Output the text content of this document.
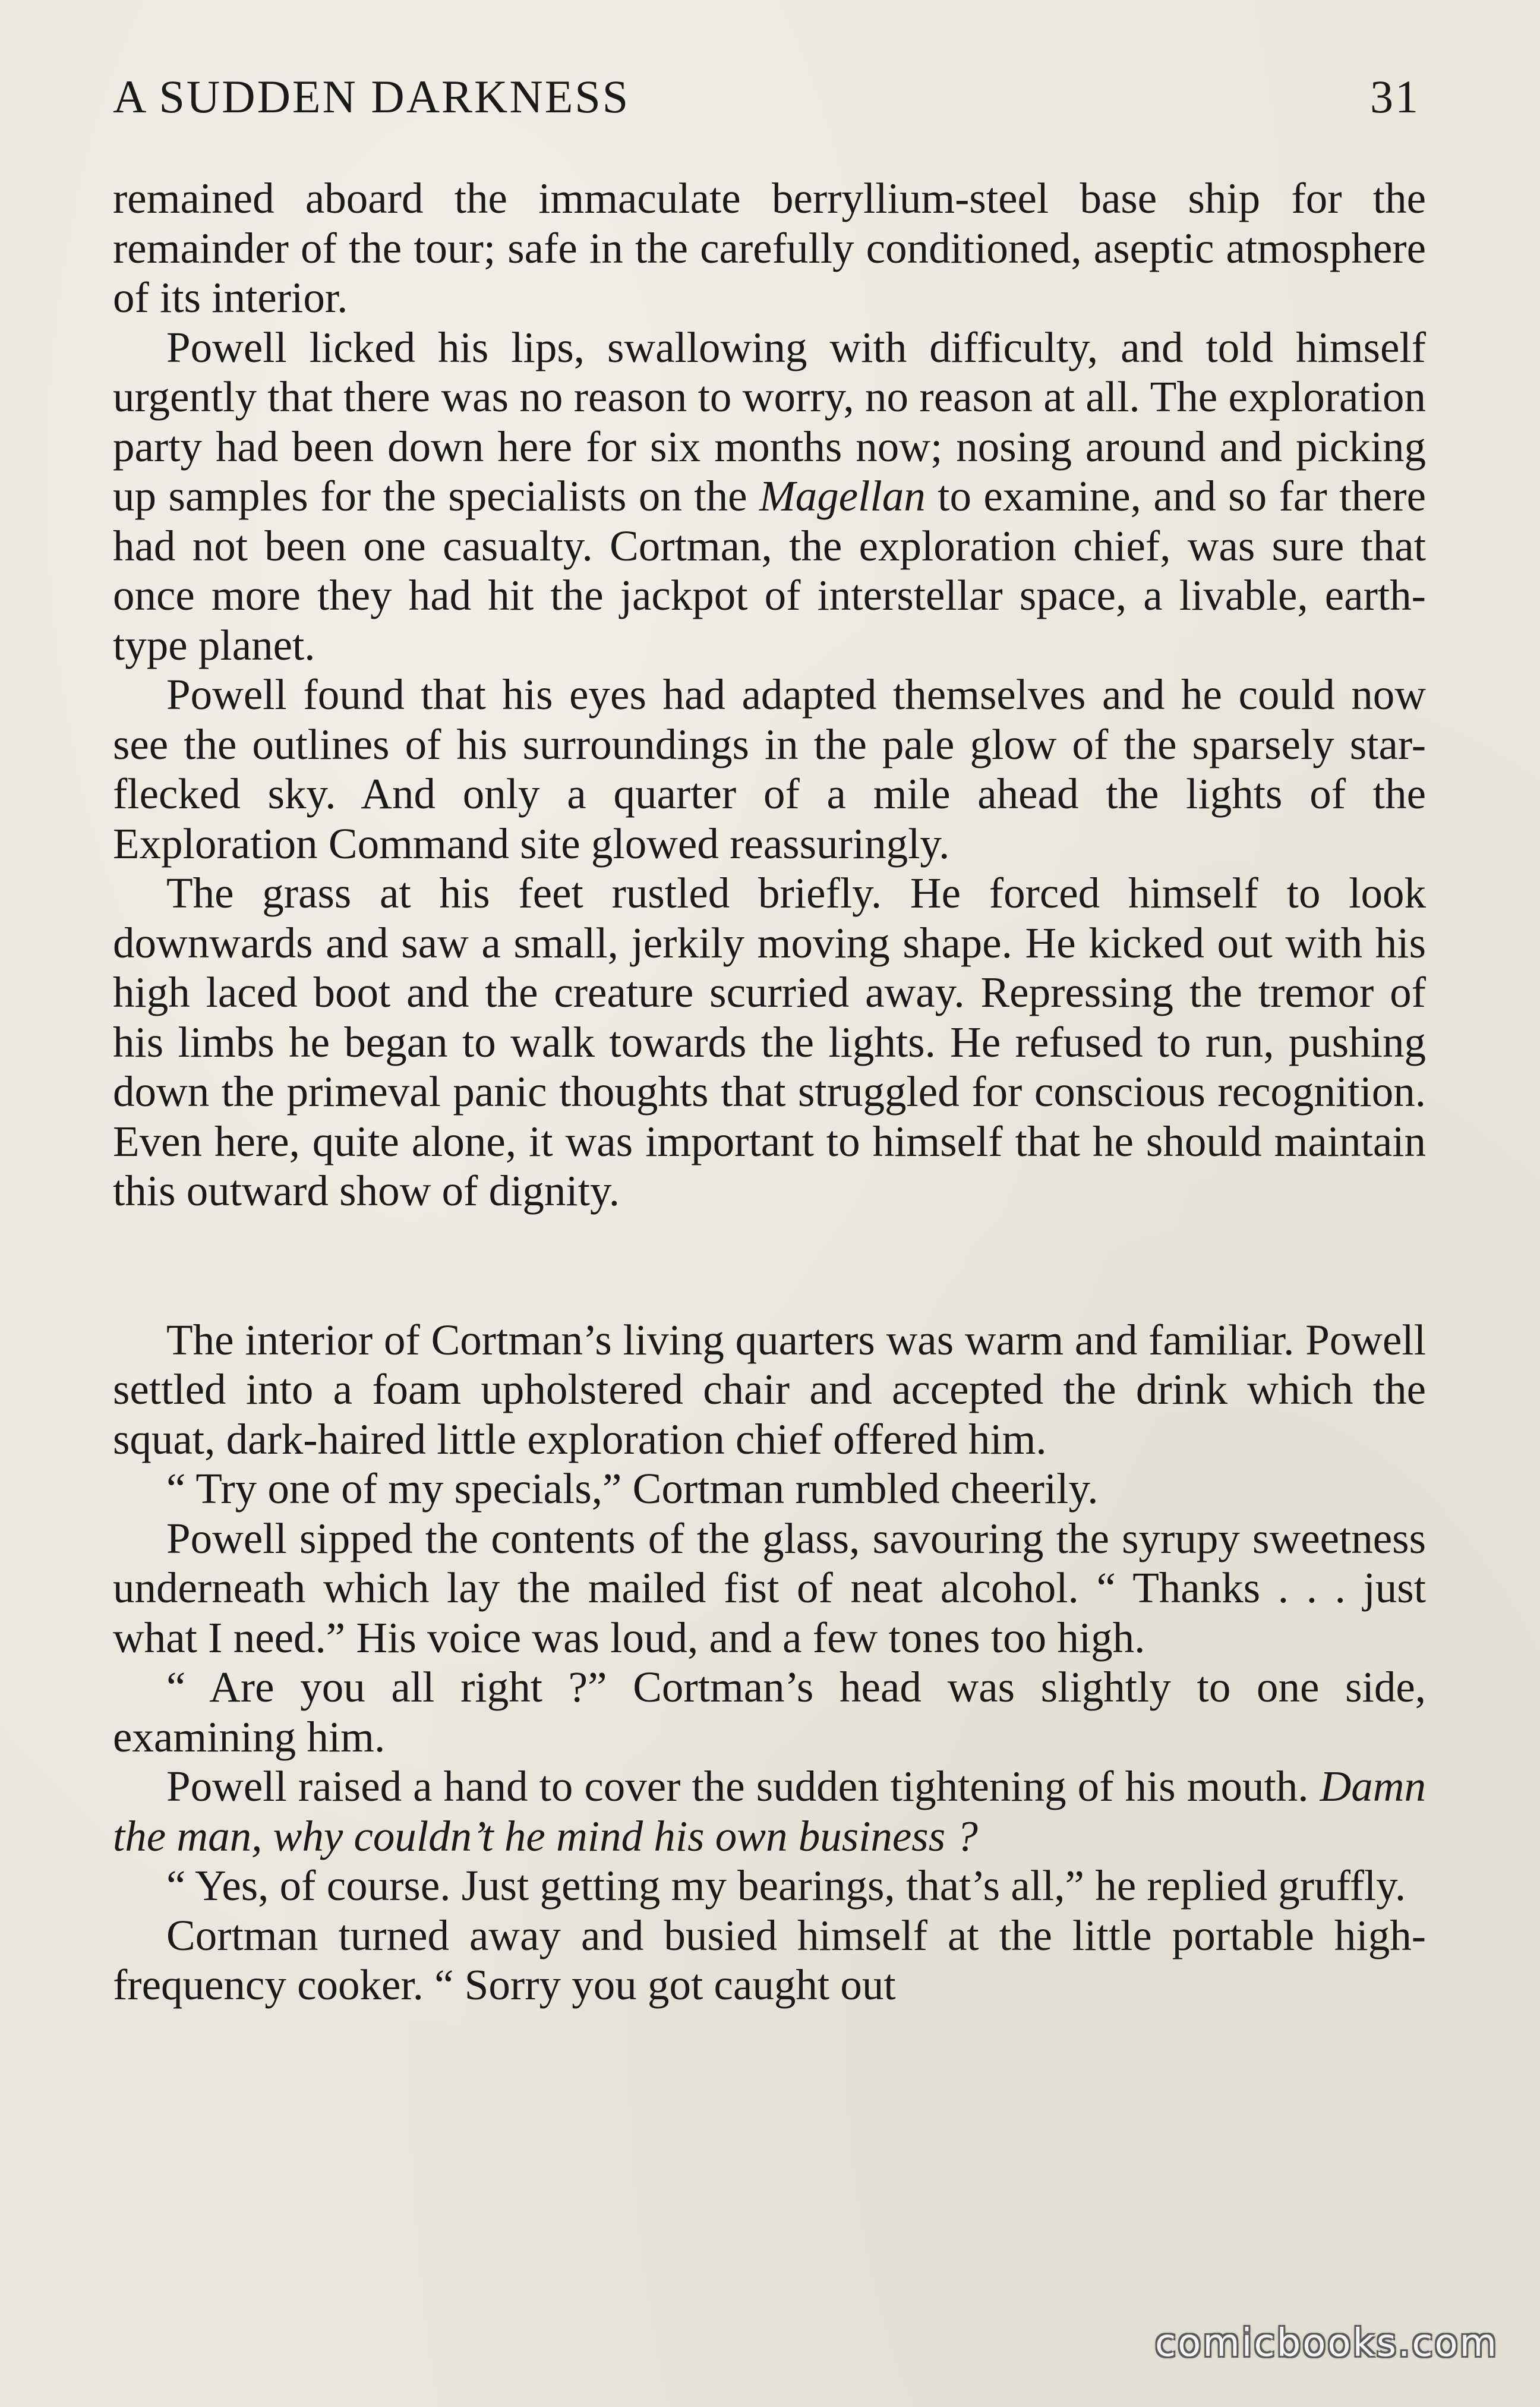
A SUDDEN DARKNESS	31

remained aboard the immaculate berryllium-steel base ship for the remainder of the tour; safe in the carefully conditioned, aseptic atmosphere of its interior.

Powell licked his lips, swallowing with difficulty, and told himself urgently that there was no reason to worry, no reason at all. The exploration party had been down here for six months now; nosing around and picking up samples for the specialists on the Magellan to examine, and so far there had not been one casualty. Cortman, the exploration chief, was sure that once more they had hit the jackpot of interstellar space, a livable, earth-type planet.

Powell found that his eyes had adapted themselves and he could now see the outlines of his surroundings in the pale glow of the sparsely star-flecked sky. And only a quarter of a mile ahead the lights of the Exploration Command site glowed reassuringly.

The grass at his feet rustled briefly. He forced himself to look downwards and saw a small, jerkily moving shape. He kicked out with his high laced boot and the creature scurried away. Repressing the tremor of his limbs he began to walk towards the lights. He refused to run, pushing down the primeval panic thoughts that struggled for conscious recognition. Even here, quite alone, it was important to himself that he should maintain this outward show of dignity.

The interior of Cortman’s living quarters was warm and familiar. Powell settled into a foam upholstered chair and accepted the drink which the squat, dark-haired little exploration chief offered him.

“ Try one of my specials,” Cortman rumbled cheerily.

Powell sipped the contents of the glass, savouring the syrupy sweetness underneath which lay the mailed fist of neat alcohol. “ Thanks . . . just what I need.” His voice was loud, and a few tones too high.

“ Are you all right ?” Cortman’s head was slightly to one side, examining him.

Powell raised a hand to cover the sudden tightening of his mouth. Damn the man, why couldn’t he mind his own business ?

“ Yes, of course. Just getting my bearings, that’s all,” he replied gruffly.

Cortman turned away and busied himself at the little portable high-frequency cooker. “ Sorry you got caught out

comicbooks.com
